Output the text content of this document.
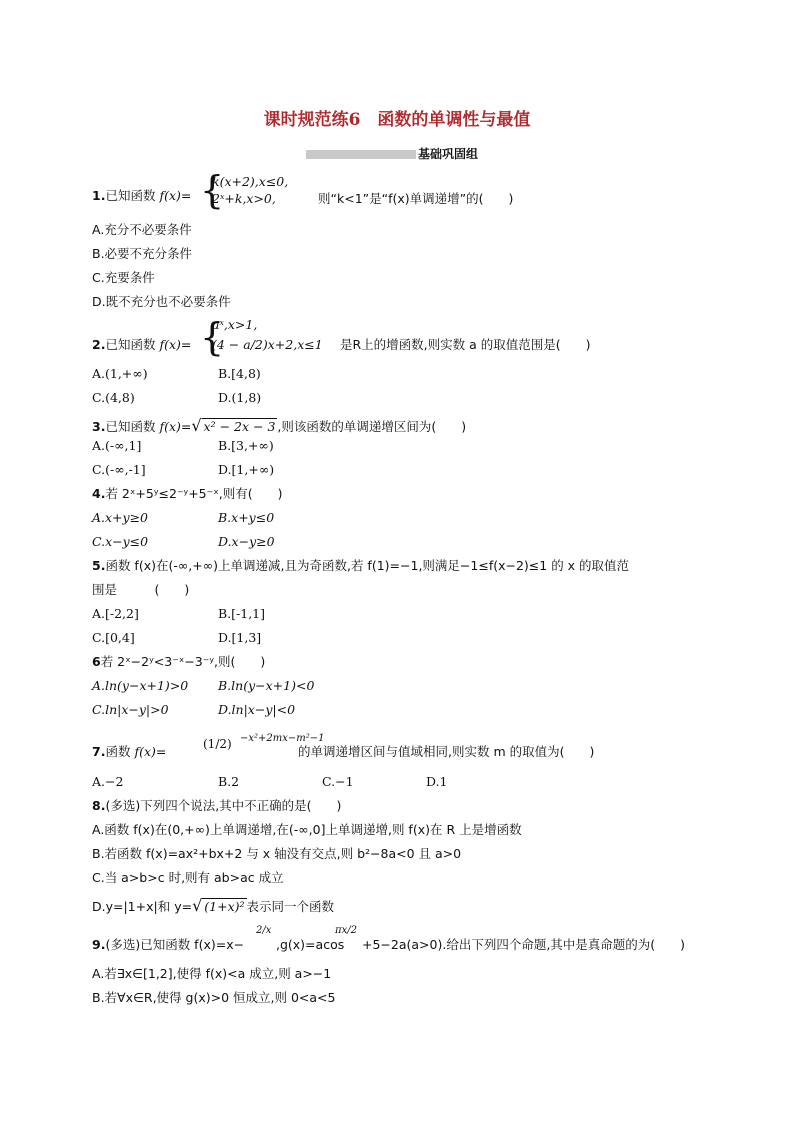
课时规范练6　函数的单调性与最值
基础巩固组
1.已知函数 f(x)= {
k(x+2),x≤0,
2ˣ+k,x>0,	则“k<1”是“f(x)单调递增”的(　　)
A.充分不必要条件
B.必要不充分条件
C.充要条件
D.既不充分也不必要条件
2.已知函数 f(x)= {
aˣ,x>1,
(4 − a/2)x+2,x≤1 是R上的增函数,则实数 a 的取值范围是(　　)
A.(1,+∞)	B.[4,8)
C.(4,8)	D.(1,8)
3.已知函数 f(x)=√ x² − 2x − 3 ,则该函数的单调递增区间为(　　)
A.(-∞,1]	B.[3,+∞)
C.(-∞,-1]	D.[1,+∞)
4.若 2ˣ+5ʸ≤2⁻ʸ+5⁻ˣ,则有(　　)
A.x+y≥0	B.x+y≤0
C.x−y≤0	D.x−y≥0
5.函数 f(x)在(-∞,+∞)上单调递减,且为奇函数,若 f(1)=−1,则满足−1≤f(x−2)≤1 的 x 的取值范
围是　　　(　　)
A.[-2,2]	B.[-1,1]
C.[0,4]	D.[1,3]
6若 2ˣ−2ʸ<3⁻ˣ−3⁻ʸ,则(　　)
A.ln(y−x+1)>0 B.ln(y−x+1)<0
C.ln|x−y|>0	D.ln|x−y|<0
7.函数 f(x)=	(1/2) −x²+2mx−m²−1
的单调递增区间与值域相同,则实数 m 的取值为(　　)
A.−2	B.2	C.−1	D.1
8.(多选)下列四个说法,其中不正确的是(　　)
A.函数 f(x)在(0,+∞)上单调递增,在(-∞,0]上单调递增,则 f(x)在 R 上是增函数
B.若函数 f(x)=ax²+bx+2 与 x 轴没有交点,则 b²−8a<0 且 a>0
C.当 a>b>c 时,则有 ab>ac 成立
D.y=|1+x|和 y=√ (1+x)² 表示同一个函数
9.(多选)已知函数 f(x)=x−
2/x
,g(x)=acos
πx/2
+5−2a(a>0).给出下列四个命题,其中是真命题的为(　　)
A.若∃x∈[1,2],使得 f(x)<a 成立,则 a>−1
B.若∀x∈R,使得 g(x)>0 恒成立,则 0<a<5
